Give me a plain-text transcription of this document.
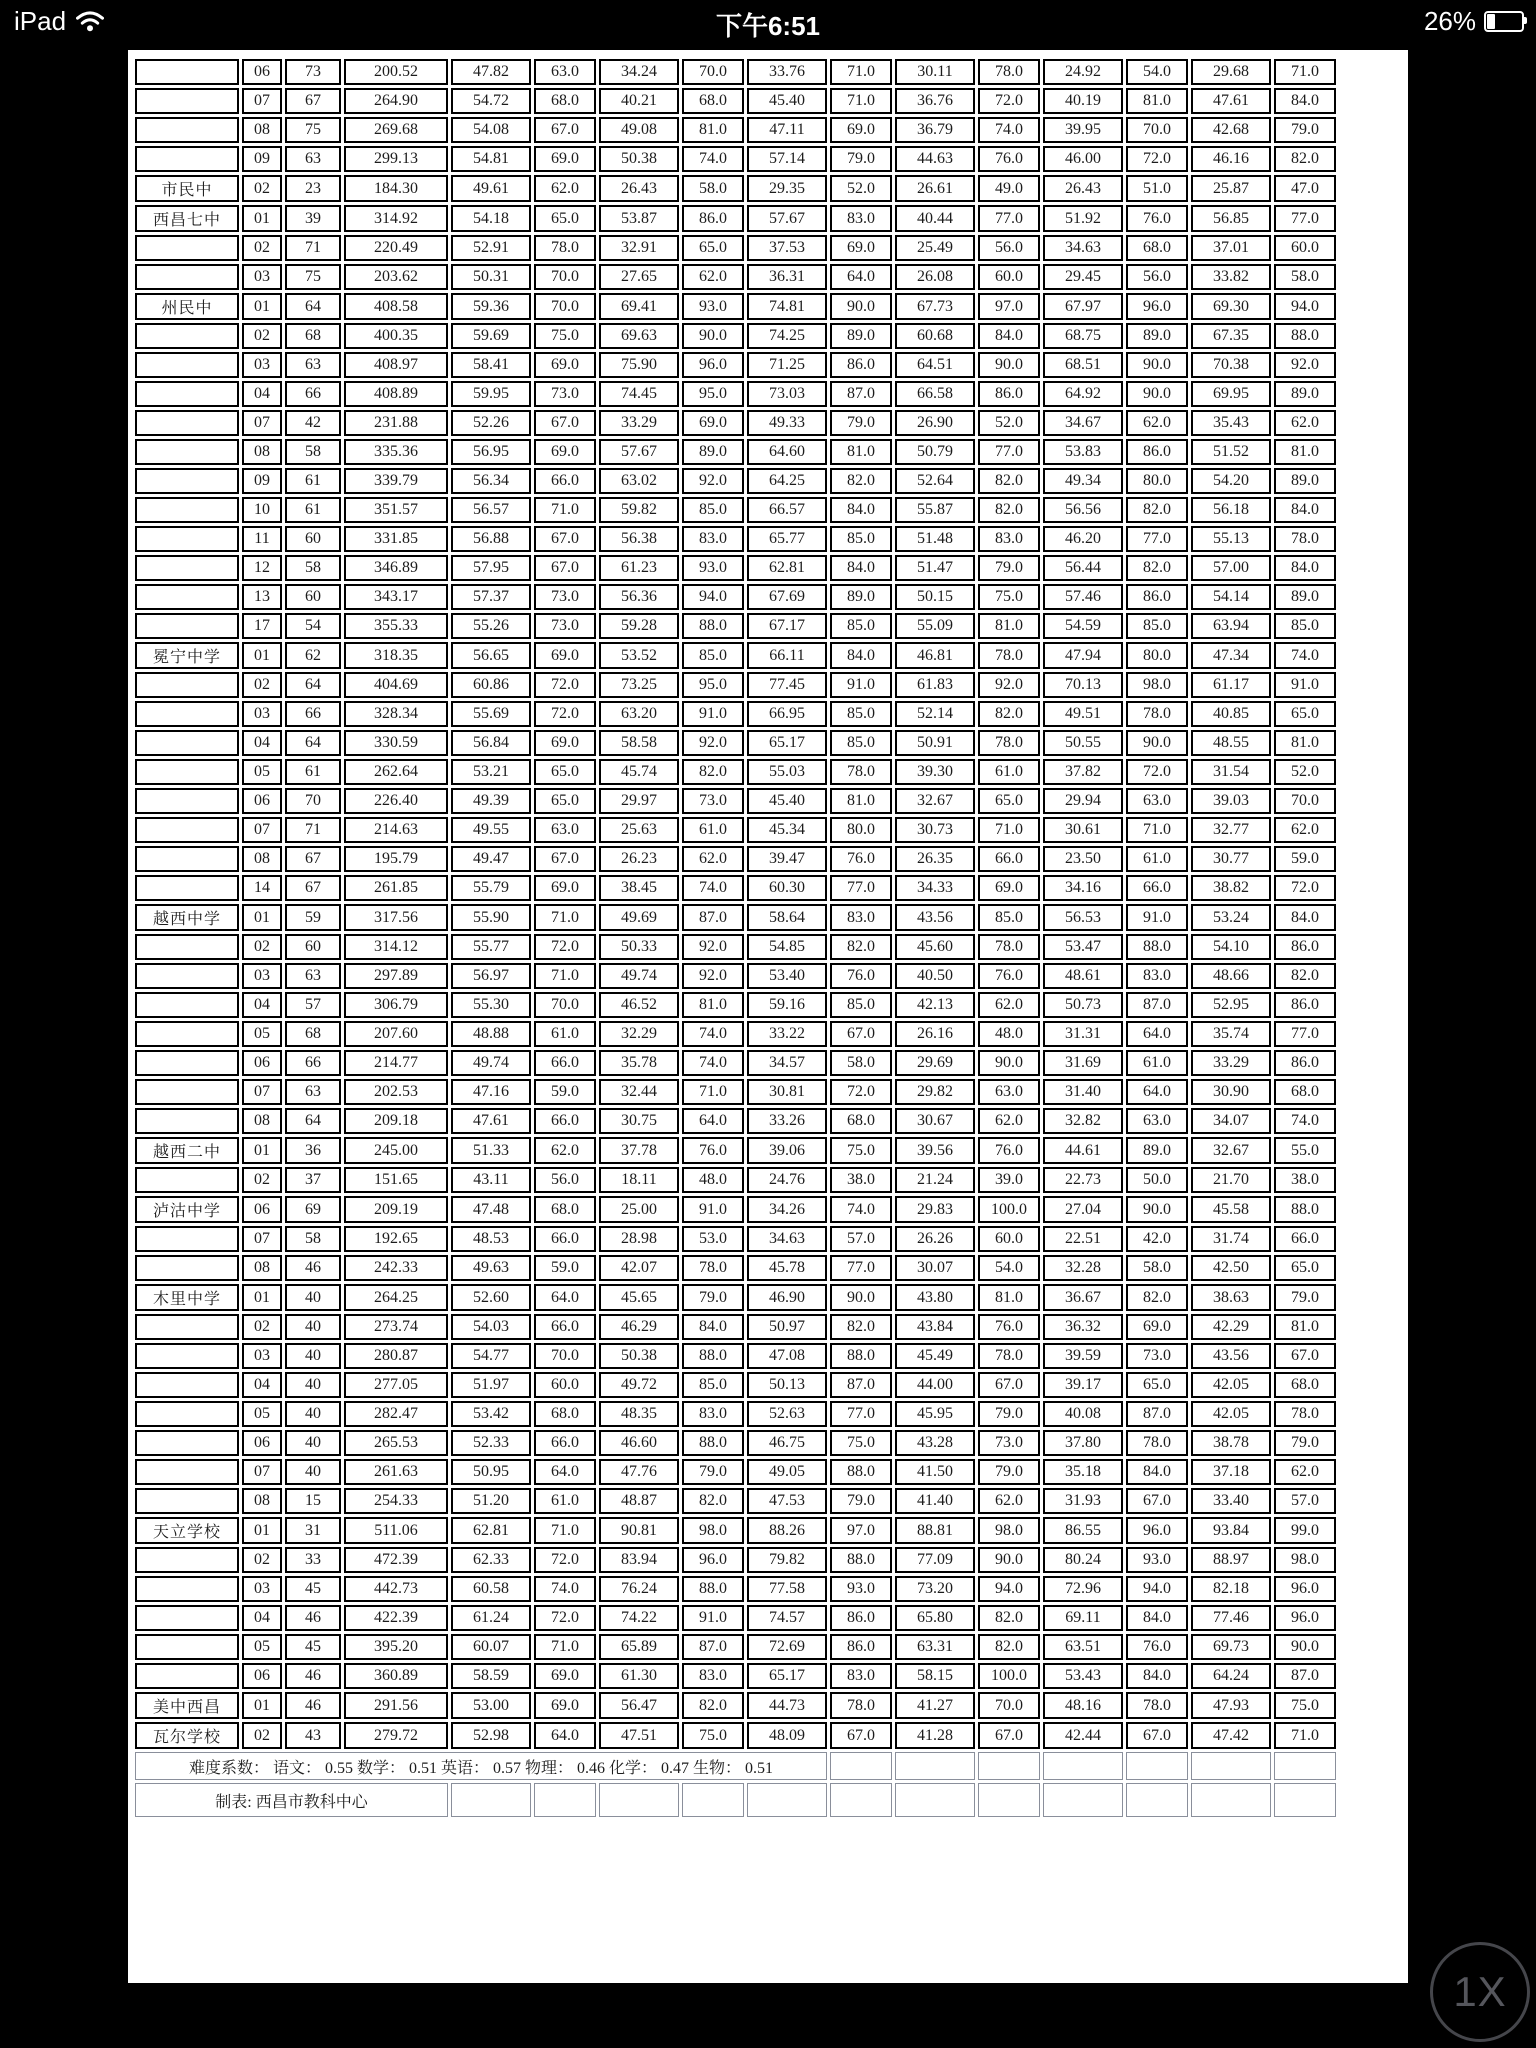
iPad	下午6:51	26%
	06	73	200.52	47.82	63.0	34.24	70.0	33.76	71.0	30.11	78.0	24.92	54.0	29.68	71.0
	07	67	264.90	54.72	68.0	40.21	68.0	45.40	71.0	36.76	72.0	40.19	81.0	47.61	84.0
	08	75	269.68	54.08	67.0	49.08	81.0	47.11	69.0	36.79	74.0	39.95	70.0	42.68	79.0
	09	63	299.13	54.81	69.0	50.38	74.0	57.14	79.0	44.63	76.0	46.00	72.0	46.16	82.0
市民中	02	23	184.30	49.61	62.0	26.43	58.0	29.35	52.0	26.61	49.0	26.43	51.0	25.87	47.0
西昌七中	01	39	314.92	54.18	65.0	53.87	86.0	57.67	83.0	40.44	77.0	51.92	76.0	56.85	77.0
	02	71	220.49	52.91	78.0	32.91	65.0	37.53	69.0	25.49	56.0	34.63	68.0	37.01	60.0
	03	75	203.62	50.31	70.0	27.65	62.0	36.31	64.0	26.08	60.0	29.45	56.0	33.82	58.0
州民中	01	64	408.58	59.36	70.0	69.41	93.0	74.81	90.0	67.73	97.0	67.97	96.0	69.30	94.0
	02	68	400.35	59.69	75.0	69.63	90.0	74.25	89.0	60.68	84.0	68.75	89.0	67.35	88.0
	03	63	408.97	58.41	69.0	75.90	96.0	71.25	86.0	64.51	90.0	68.51	90.0	70.38	92.0
	04	66	408.89	59.95	73.0	74.45	95.0	73.03	87.0	66.58	86.0	64.92	90.0	69.95	89.0
	07	42	231.88	52.26	67.0	33.29	69.0	49.33	79.0	26.90	52.0	34.67	62.0	35.43	62.0
	08	58	335.36	56.95	69.0	57.67	89.0	64.60	81.0	50.79	77.0	53.83	86.0	51.52	81.0
	09	61	339.79	56.34	66.0	63.02	92.0	64.25	82.0	52.64	82.0	49.34	80.0	54.20	89.0
	10	61	351.57	56.57	71.0	59.82	85.0	66.57	84.0	55.87	82.0	56.56	82.0	56.18	84.0
	11	60	331.85	56.88	67.0	56.38	83.0	65.77	85.0	51.48	83.0	46.20	77.0	55.13	78.0
	12	58	346.89	57.95	67.0	61.23	93.0	62.81	84.0	51.47	79.0	56.44	82.0	57.00	84.0
	13	60	343.17	57.37	73.0	56.36	94.0	67.69	89.0	50.15	75.0	57.46	86.0	54.14	89.0
	17	54	355.33	55.26	73.0	59.28	88.0	67.17	85.0	55.09	81.0	54.59	85.0	63.94	85.0
冕宁中学	01	62	318.35	56.65	69.0	53.52	85.0	66.11	84.0	46.81	78.0	47.94	80.0	47.34	74.0
	02	64	404.69	60.86	72.0	73.25	95.0	77.45	91.0	61.83	92.0	70.13	98.0	61.17	91.0
	03	66	328.34	55.69	72.0	63.20	91.0	66.95	85.0	52.14	82.0	49.51	78.0	40.85	65.0
	04	64	330.59	56.84	69.0	58.58	92.0	65.17	85.0	50.91	78.0	50.55	90.0	48.55	81.0
	05	61	262.64	53.21	65.0	45.74	82.0	55.03	78.0	39.30	61.0	37.82	72.0	31.54	52.0
	06	70	226.40	49.39	65.0	29.97	73.0	45.40	81.0	32.67	65.0	29.94	63.0	39.03	70.0
	07	71	214.63	49.55	63.0	25.63	61.0	45.34	80.0	30.73	71.0	30.61	71.0	32.77	62.0
	08	67	195.79	49.47	67.0	26.23	62.0	39.47	76.0	26.35	66.0	23.50	61.0	30.77	59.0
	14	67	261.85	55.79	69.0	38.45	74.0	60.30	77.0	34.33	69.0	34.16	66.0	38.82	72.0
越西中学	01	59	317.56	55.90	71.0	49.69	87.0	58.64	83.0	43.56	85.0	56.53	91.0	53.24	84.0
	02	60	314.12	55.77	72.0	50.33	92.0	54.85	82.0	45.60	78.0	53.47	88.0	54.10	86.0
	03	63	297.89	56.97	71.0	49.74	92.0	53.40	76.0	40.50	76.0	48.61	83.0	48.66	82.0
	04	57	306.79	55.30	70.0	46.52	81.0	59.16	85.0	42.13	62.0	50.73	87.0	52.95	86.0
	05	68	207.60	48.88	61.0	32.29	74.0	33.22	67.0	26.16	48.0	31.31	64.0	35.74	77.0
	06	66	214.77	49.74	66.0	35.78	74.0	34.57	58.0	29.69	90.0	31.69	61.0	33.29	86.0
	07	63	202.53	47.16	59.0	32.44	71.0	30.81	72.0	29.82	63.0	31.40	64.0	30.90	68.0
	08	64	209.18	47.61	66.0	30.75	64.0	33.26	68.0	30.67	62.0	32.82	63.0	34.07	74.0
越西二中	01	36	245.00	51.33	62.0	37.78	76.0	39.06	75.0	39.56	76.0	44.61	89.0	32.67	55.0
	02	37	151.65	43.11	56.0	18.11	48.0	24.76	38.0	21.24	39.0	22.73	50.0	21.70	38.0
泸沽中学	06	69	209.19	47.48	68.0	25.00	91.0	34.26	74.0	29.83	100.0	27.04	90.0	45.58	88.0
	07	58	192.65	48.53	66.0	28.98	53.0	34.63	57.0	26.26	60.0	22.51	42.0	31.74	66.0
	08	46	242.33	49.63	59.0	42.07	78.0	45.78	77.0	30.07	54.0	32.28	58.0	42.50	65.0
木里中学	01	40	264.25	52.60	64.0	45.65	79.0	46.90	90.0	43.80	81.0	36.67	82.0	38.63	79.0
	02	40	273.74	54.03	66.0	46.29	84.0	50.97	82.0	43.84	76.0	36.32	69.0	42.29	81.0
	03	40	280.87	54.77	70.0	50.38	88.0	47.08	88.0	45.49	78.0	39.59	73.0	43.56	67.0
	04	40	277.05	51.97	60.0	49.72	85.0	50.13	87.0	44.00	67.0	39.17	65.0	42.05	68.0
	05	40	282.47	53.42	68.0	48.35	83.0	52.63	77.0	45.95	79.0	40.08	87.0	42.05	78.0
	06	40	265.53	52.33	66.0	46.60	88.0	46.75	75.0	43.28	73.0	37.80	78.0	38.78	79.0
	07	40	261.63	50.95	64.0	47.76	79.0	49.05	88.0	41.50	79.0	35.18	84.0	37.18	62.0
	08	15	254.33	51.20	61.0	48.87	82.0	47.53	79.0	41.40	62.0	31.93	67.0	33.40	57.0
天立学校	01	31	511.06	62.81	71.0	90.81	98.0	88.26	97.0	88.81	98.0	86.55	96.0	93.84	99.0
	02	33	472.39	62.33	72.0	83.94	96.0	79.82	88.0	77.09	90.0	80.24	93.0	88.97	98.0
	03	45	442.73	60.58	74.0	76.24	88.0	77.58	93.0	73.20	94.0	72.96	94.0	82.18	96.0
	04	46	422.39	61.24	72.0	74.22	91.0	74.57	86.0	65.80	82.0	69.11	84.0	77.46	96.0
	05	45	395.20	60.07	71.0	65.89	87.0	72.69	86.0	63.31	82.0	63.51	76.0	69.73	90.0
	06	46	360.89	58.59	69.0	61.30	83.0	65.17	83.0	58.15	100.0	53.43	84.0	64.24	87.0
美中西昌	01	46	291.56	53.00	69.0	56.47	82.0	44.73	78.0	41.27	70.0	48.16	78.0	47.93	75.0
瓦尔学校	02	43	279.72	52.98	64.0	47.51	75.0	48.09	67.0	41.28	67.0	42.44	67.0	47.42	71.0
难度系数： 语文： 0.55 数学： 0.51 英语： 0.57 物理： 0.46 化学： 0.47 生物： 0.51															
制表: 西昌市教科中心															
1X
